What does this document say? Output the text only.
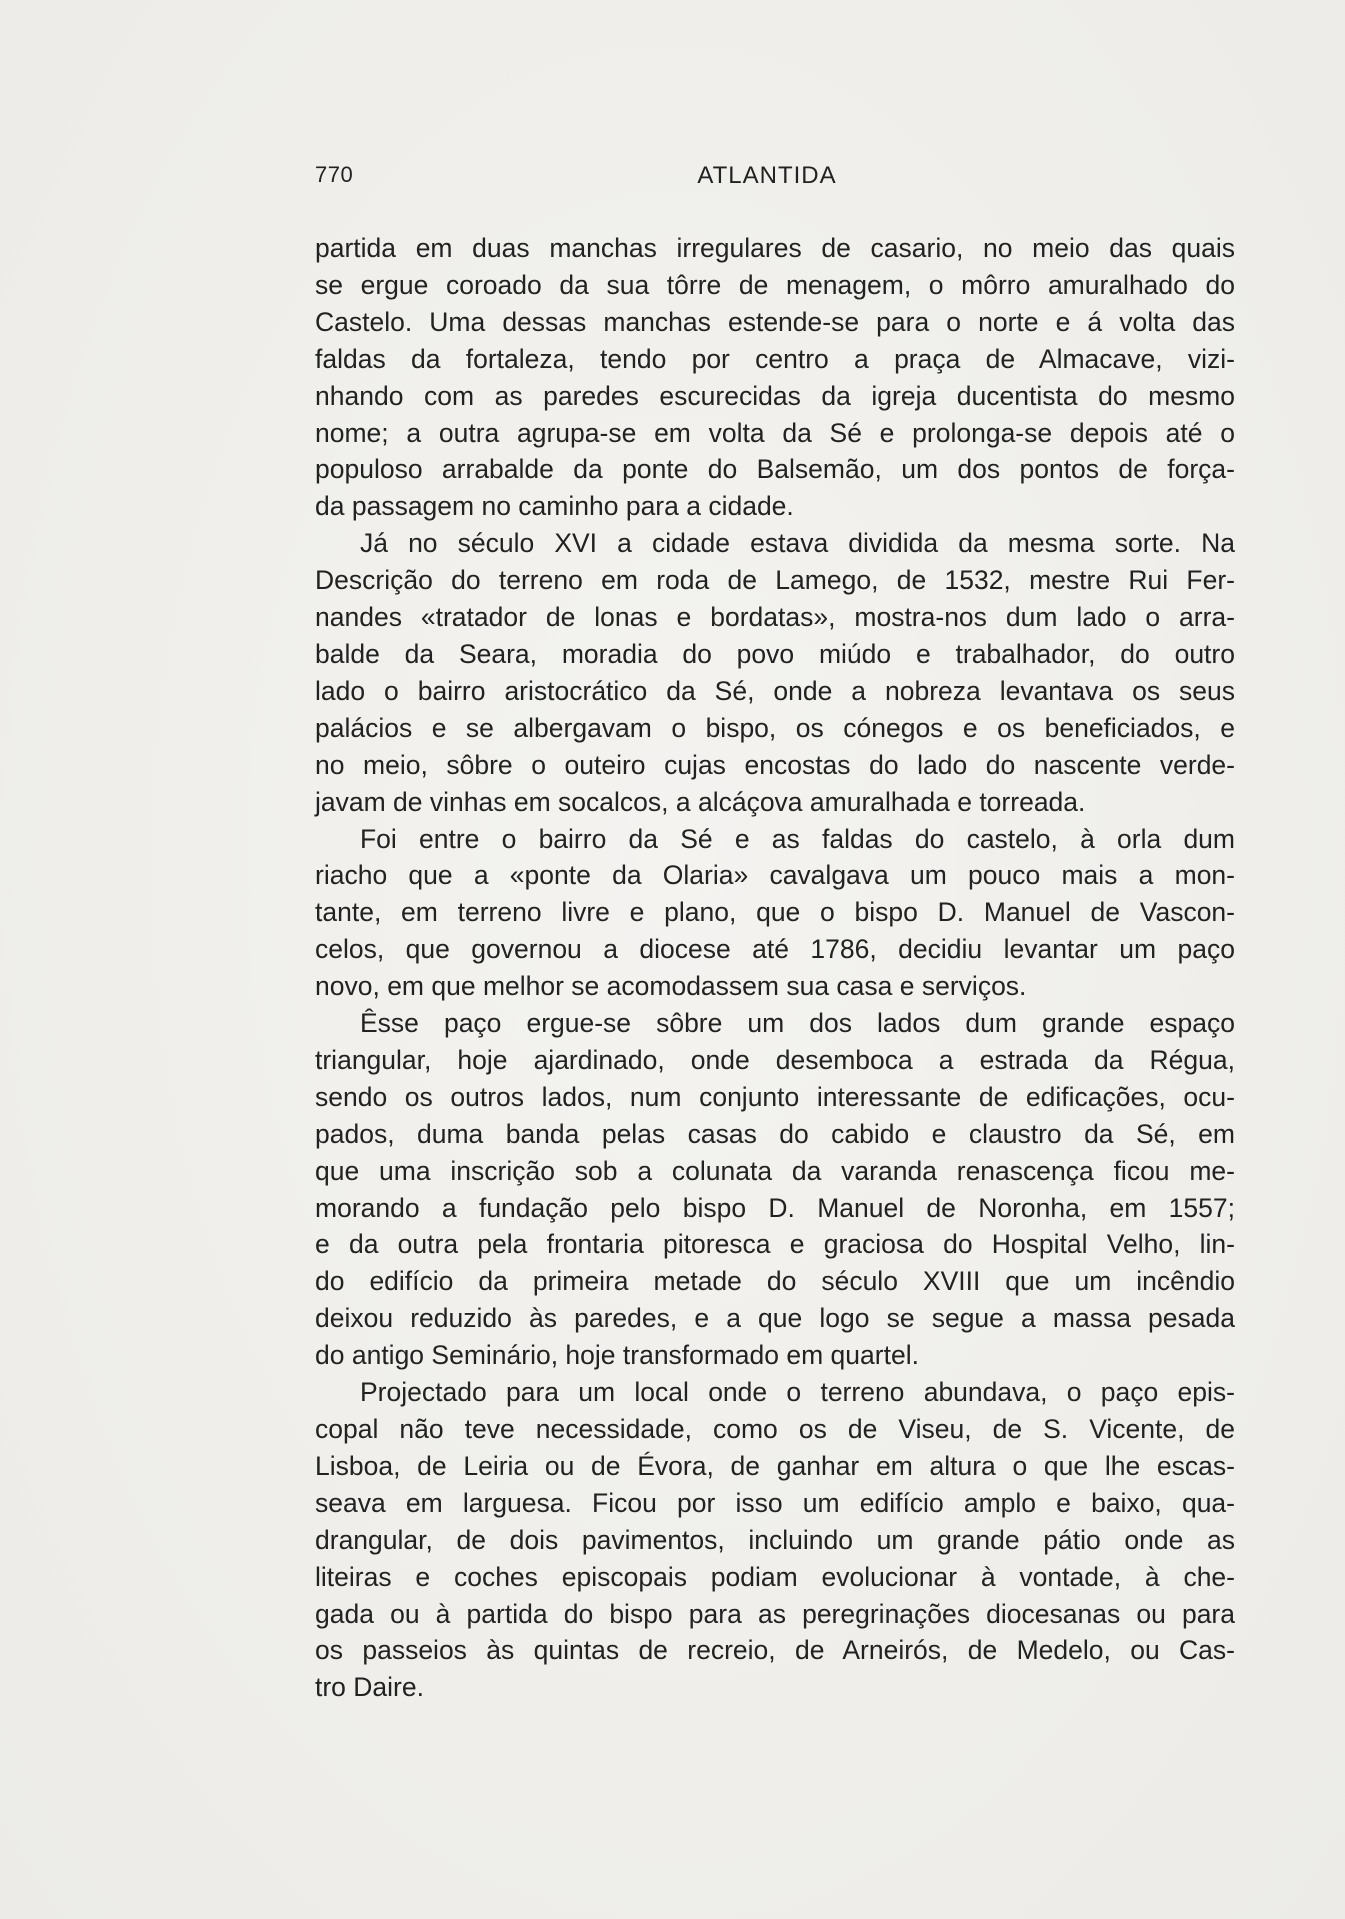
770	ATLANTIDA
partida em duas manchas irregulares de casario, no meio das quais
se ergue coroado da sua tôrre de menagem, o môrro amuralhado do
Castelo. Uma dessas manchas estende-se para o norte e á volta das
faldas da fortaleza, tendo por centro a praça de Almacave, vizi-
nhando com as paredes escurecidas da igreja ducentista do mesmo
nome; a outra agrupa-se em volta da Sé e prolonga-se depois até o
populoso arrabalde da ponte do Balsemão, um dos pontos de força-
da passagem no caminho para a cidade.
Já no século XVI a cidade estava dividida da mesma sorte. Na
Descrição do terreno em roda de Lamego, de 1532, mestre Rui Fer-
nandes «tratador de lonas e bordatas», mostra-nos dum lado o arra-
balde da Seara, moradia do povo miúdo e trabalhador, do outro
lado o bairro aristocrático da Sé, onde a nobreza levantava os seus
palácios e se albergavam o bispo, os cónegos e os beneficiados, e
no meio, sôbre o outeiro cujas encostas do lado do nascente verde-
javam de vinhas em socalcos, a alcáçova amuralhada e torreada.
Foi entre o bairro da Sé e as faldas do castelo, à orla dum
riacho que a «ponte da Olaria» cavalgava um pouco mais a mon-
tante, em terreno livre e plano, que o bispo D. Manuel de Vascon-
celos, que governou a diocese até 1786, decidiu levantar um paço
novo, em que melhor se acomodassem sua casa e serviços.
Êsse paço ergue-se sôbre um dos lados dum grande espaço
triangular, hoje ajardinado, onde desemboca a estrada da Régua,
sendo os outros lados, num conjunto interessante de edificações, ocu-
pados, duma banda pelas casas do cabido e claustro da Sé, em
que uma inscrição sob a colunata da varanda renascença ficou me-
morando a fundação pelo bispo D. Manuel de Noronha, em 1557;
e da outra pela frontaria pitoresca e graciosa do Hospital Velho, lin-
do edifício da primeira metade do século XVIII que um incêndio
deixou reduzido às paredes, e a que logo se segue a massa pesada
do antigo Seminário, hoje transformado em quartel.
Projectado para um local onde o terreno abundava, o paço epis-
copal não teve necessidade, como os de Viseu, de S. Vicente, de
Lisboa, de Leiria ou de Évora, de ganhar em altura o que lhe escas-
seava em larguesa. Ficou por isso um edifício amplo e baixo, qua-
drangular, de dois pavimentos, incluindo um grande pátio onde as
liteiras e coches episcopais podiam evolucionar à vontade, à che-
gada ou à partida do bispo para as peregrinações diocesanas ou para
os passeios às quintas de recreio, de Arneirós, de Medelo, ou Cas-
tro Daire.
